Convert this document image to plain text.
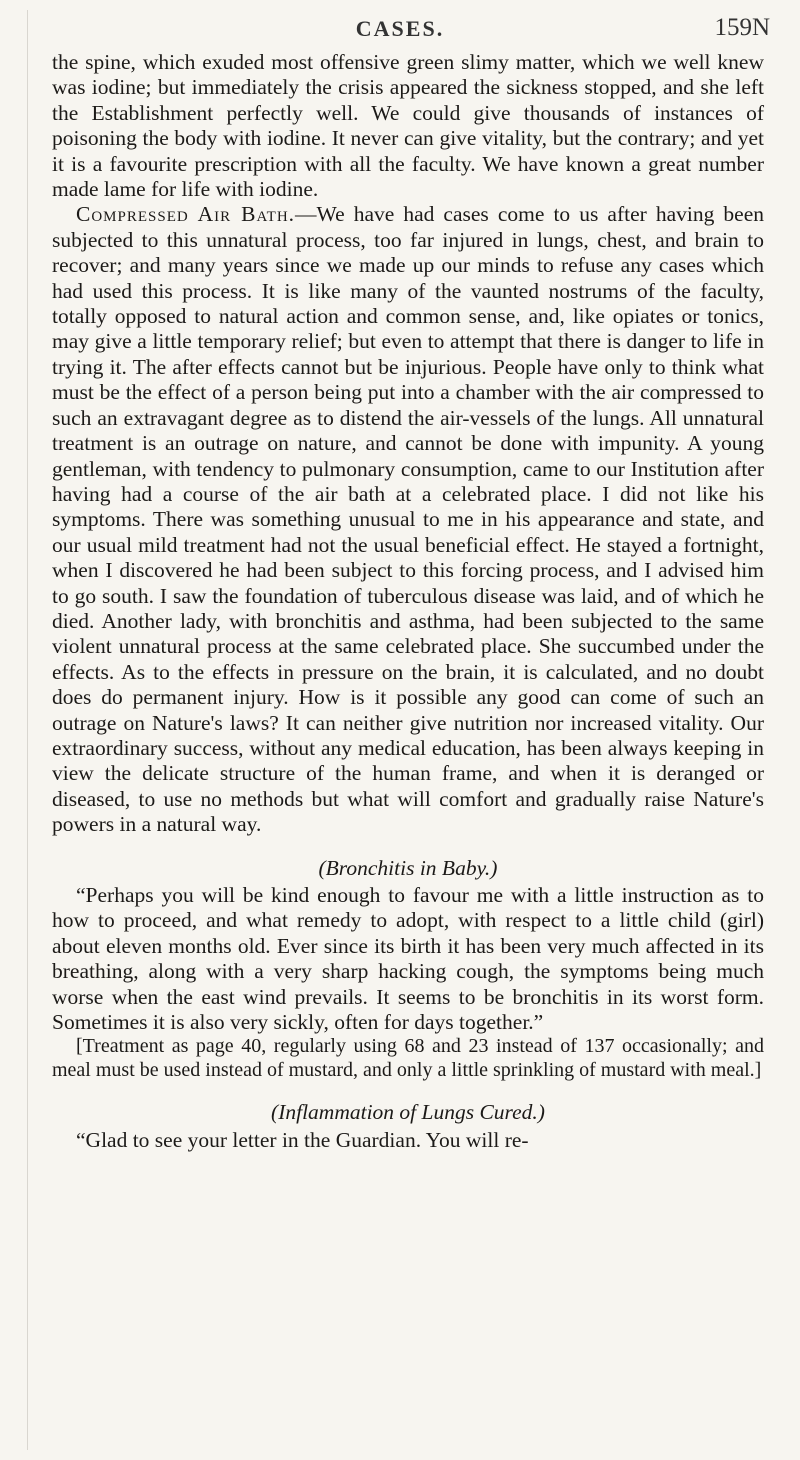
CASES.	159N

the spine, which exuded most offensive green slimy matter, which we well knew was iodine; but immediately the crisis appeared the sickness stopped, and she left the Establishment perfectly well. We could give thousands of instances of poisoning the body with iodine. It never can give vitality, but the contrary; and yet it is a favourite prescription with all the faculty. We have known a great number made lame for life with iodine.

Compressed Air Bath.—We have had cases come to us after having been subjected to this unnatural process, too far injured in lungs, chest, and brain to recover; and many years since we made up our minds to refuse any cases which had used this process. It is like many of the vaunted nostrums of the faculty, totally opposed to natural action and common sense, and, like opiates or tonics, may give a little temporary relief; but even to attempt that there is danger to life in trying it. The after effects cannot but be injurious. People have only to think what must be the effect of a person being put into a chamber with the air compressed to such an extravagant degree as to distend the air-vessels of the lungs. All unnatural treatment is an outrage on nature, and cannot be done with impunity. A young gentleman, with tendency to pulmonary consumption, came to our Institution after having had a course of the air bath at a celebrated place. I did not like his symptoms. There was something unusual to me in his appearance and state, and our usual mild treatment had not the usual beneficial effect. He stayed a fortnight, when I discovered he had been subject to this forcing process, and I advised him to go south. I saw the foundation of tuberculous disease was laid, and of which he died. Another lady, with bronchitis and asthma, had been subjected to the same violent unnatural process at the same celebrated place. She succumbed under the effects. As to the effects in pressure on the brain, it is calculated, and no doubt does do permanent injury. How is it possible any good can come of such an outrage on Nature's laws? It can neither give nutrition nor increased vitality. Our extraordinary success, without any medical education, has been always keeping in view the delicate structure of the human frame, and when it is deranged or diseased, to use no methods but what will comfort and gradually raise Nature's powers in a natural way.

(Bronchitis in Baby.)

“Perhaps you will be kind enough to favour me with a little instruction as to how to proceed, and what remedy to adopt, with respect to a little child (girl) about eleven months old. Ever since its birth it has been very much affected in its breathing, along with a very sharp hacking cough, the symptoms being much worse when the east wind prevails. It seems to be bronchitis in its worst form. Sometimes it is also very sickly, often for days together.”

[Treatment as page 40, regularly using 68 and 23 instead of 137 occasionally; and meal must be used instead of mustard, and only a little sprinkling of mustard with meal.]

(Inflammation of Lungs Cured.)

“Glad to see your letter in the Guardian. You will re-
